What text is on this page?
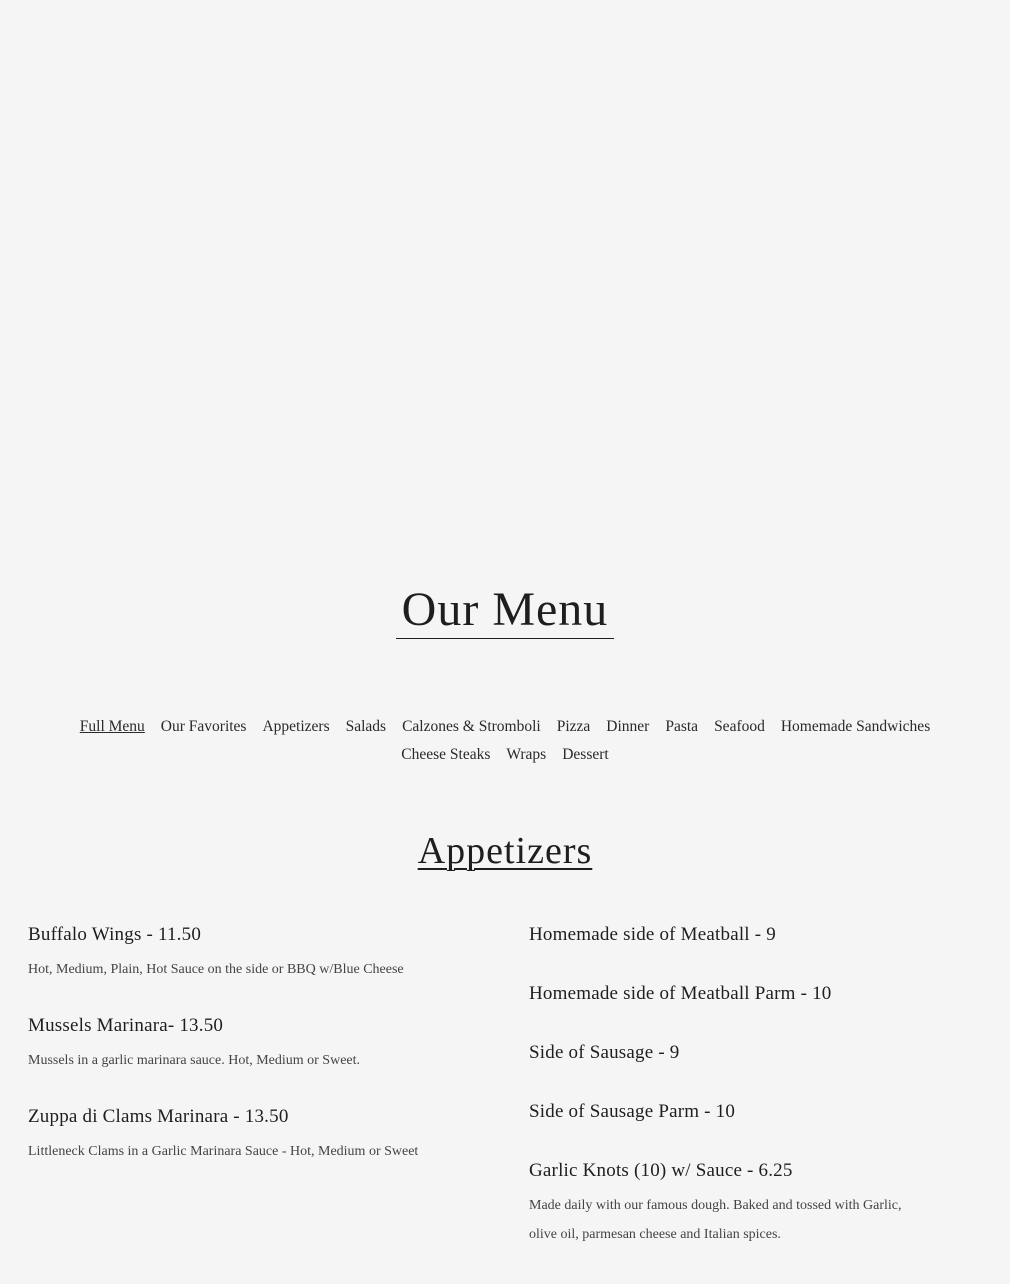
Our Menu
Full Menu Our Favorites Appetizers Salads Calzones & Stromboli Pizza Dinner Pasta Seafood Homemade Sandwiches
Cheese Steaks Wraps Dessert
Appetizers
Buffalo Wings - 11.50

Hot, Medium, Plain, Hot Sauce on the side or BBQ w/Blue Cheese

Mussels Marinara- 13.50

Mussels in a garlic marinara sauce. Hot, Medium or Sweet.

Zuppa di Clams Marinara - 13.50

Littleneck Clams in a Garlic Marinara Sauce - Hot, Medium or Sweet

Homemade side of Meatball - 9
Homemade side of Meatball Parm - 10
Side of Sausage - 9
Side of Sausage Parm - 10
Garlic Knots (10) w/ Sauce - 6.25

Made daily with our famous dough. Baked and tossed with Garlic, olive oil, parmesan cheese and Italian spices.
